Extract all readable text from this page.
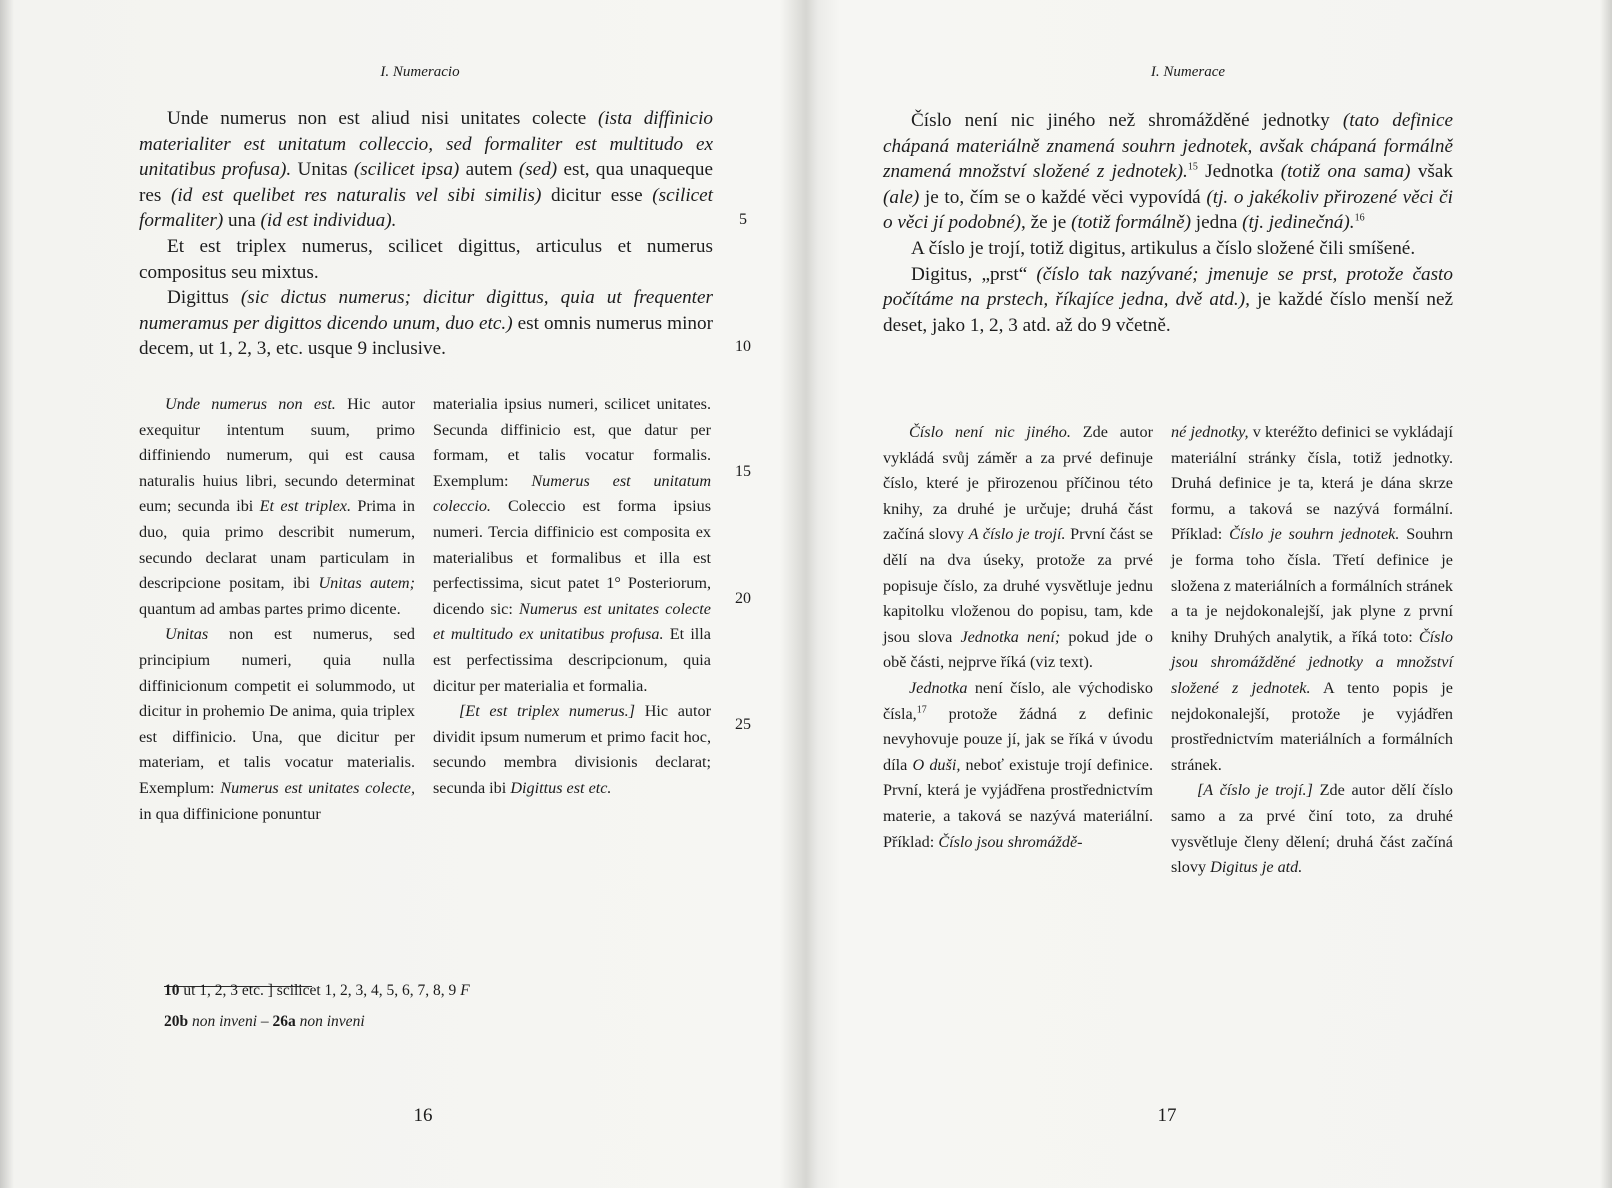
I. Numeracio

Unde numerus non est aliud nisi unitates colecte (ista diffinicio materialiter est unitatum colleccio, sed formaliter est multitudo ex unitatibus profusa). Unitas (scilicet ipsa) autem (sed) est, qua unaqueque res (id est quelibet res naturalis vel sibi similis) dicitur esse (scilicet formaliter) una (id est individua).

Et est triplex numerus, scilicet digittus, articulus et numerus compositus seu mixtus.

Digittus (sic dictus numerus; dicitur digittus, quia ut frequenter numeramus per digittos dicendo unum, duo etc.) est omnis numerus minor decem, ut 1, 2, 3, etc. usque 9 inclusive.

5
10
15
20
25

Unde numerus non est. Hic autor exequitur intentum suum, primo diffiniendo numerum, qui est causa naturalis huius libri, secundo determinat eum; secunda ibi Et est triplex. Prima in duo, quia primo describit numerum, secundo declarat unam particulam in descripcione positam, ibi Unitas autem; quantum ad ambas partes primo dicente.

Unitas non est numerus, sed principium numeri, quia nulla diffinicionum competit ei solummodo, ut dicitur in prohemio De anima, quia triplex est diffinicio. Una, que dicitur per materiam, et talis vocatur materialis. Exemplum: Numerus est unitates colecte, in qua diffinicione ponuntur

materialia ipsius numeri, scilicet unitates. Secunda diffinicio est, que datur per formam, et talis vocatur formalis. Exemplum: Numerus est unitatum coleccio. Coleccio est forma ipsius numeri. Tercia diffinicio est composita ex materialibus et formalibus et illa est perfectissima, sicut patet 1° Posteriorum, dicendo sic: Numerus est unitates colecte et multitudo ex unitatibus profusa. Et illa est perfectissima descripcionum, quia dicitur per materialia et formalia.

[Et est triplex numerus.] Hic autor dividit ipsum numerum et primo facit hoc, secundo membra divisionis declarat; secunda ibi Digittus est etc.

10 ut 1, 2, 3 etc. ] scilicet 1, 2, 3, 4, 5, 6, 7, 8, 9 F
20b non inveni – 26a non inveni
16
I. Numerace

Číslo není nic jiného než shromážděné jednotky (tato definice chápaná materiálně znamená souhrn jednotek, avšak chápaná formálně znamená množství složené z jednotek).$^{15}$ Jednotka (totiž ona sama) však (ale) je to, čím se o každé věci vypovídá (tj. o jakékoliv přirozené věci či o věci jí podobné), že je (totiž formálně) jedna (tj. jedinečná).$^{16}$

A číslo je trojí, totiž digitus, artikulus a číslo složené čili smíšené.

Digitus, „prst“ (číslo tak nazývané; jmenuje se prst, protože často počítáme na prstech, říkajíce jedna, dvě atd.), je každé číslo menší než deset, jako 1, 2, 3 atd. až do 9 včetně.

Číslo není nic jiného. Zde autor vykládá svůj záměr a za prvé definuje číslo, které je přirozenou příčinou této knihy, za druhé je určuje; druhá část začíná slovy A číslo je trojí. První část se dělí na dva úseky, protože za prvé popisuje číslo, za druhé vysvětluje jednu kapitolku vloženou do popisu, tam, kde jsou slova Jednotka není; pokud jde o obě části, nejprve říká (viz text).

Jednotka není číslo, ale východisko čísla,$^{17}$ protože žádná z definic nevyhovuje pouze jí, jak se říká v úvodu díla O duši, neboť existuje trojí definice. První, která je vyjádřena prostřednictvím materie, a taková se nazývá materiální. Příklad: Číslo jsou shromáždě-

né jednotky, v kteréžto definici se vykládají materiální stránky čísla, totiž jednotky. Druhá definice je ta, která je dána skrze formu, a taková se nazývá formální. Příklad: Číslo je souhrn jednotek. Souhrn je forma toho čísla. Třetí definice je složena z materiálních a formálních stránek a ta je nejdokonalejší, jak plyne z první knihy Druhých analytik, a říká toto: Číslo jsou shromážděné jednotky a množství složené z jednotek. A tento popis je nejdokonalejší, protože je vyjádřen prostřednictvím materiálních a formálních stránek.

[A číslo je trojí.] Zde autor dělí číslo samo a za prvé činí toto, za druhé vysvětluje členy dělení; druhá část začíná slovy Digitus je atd.

17
